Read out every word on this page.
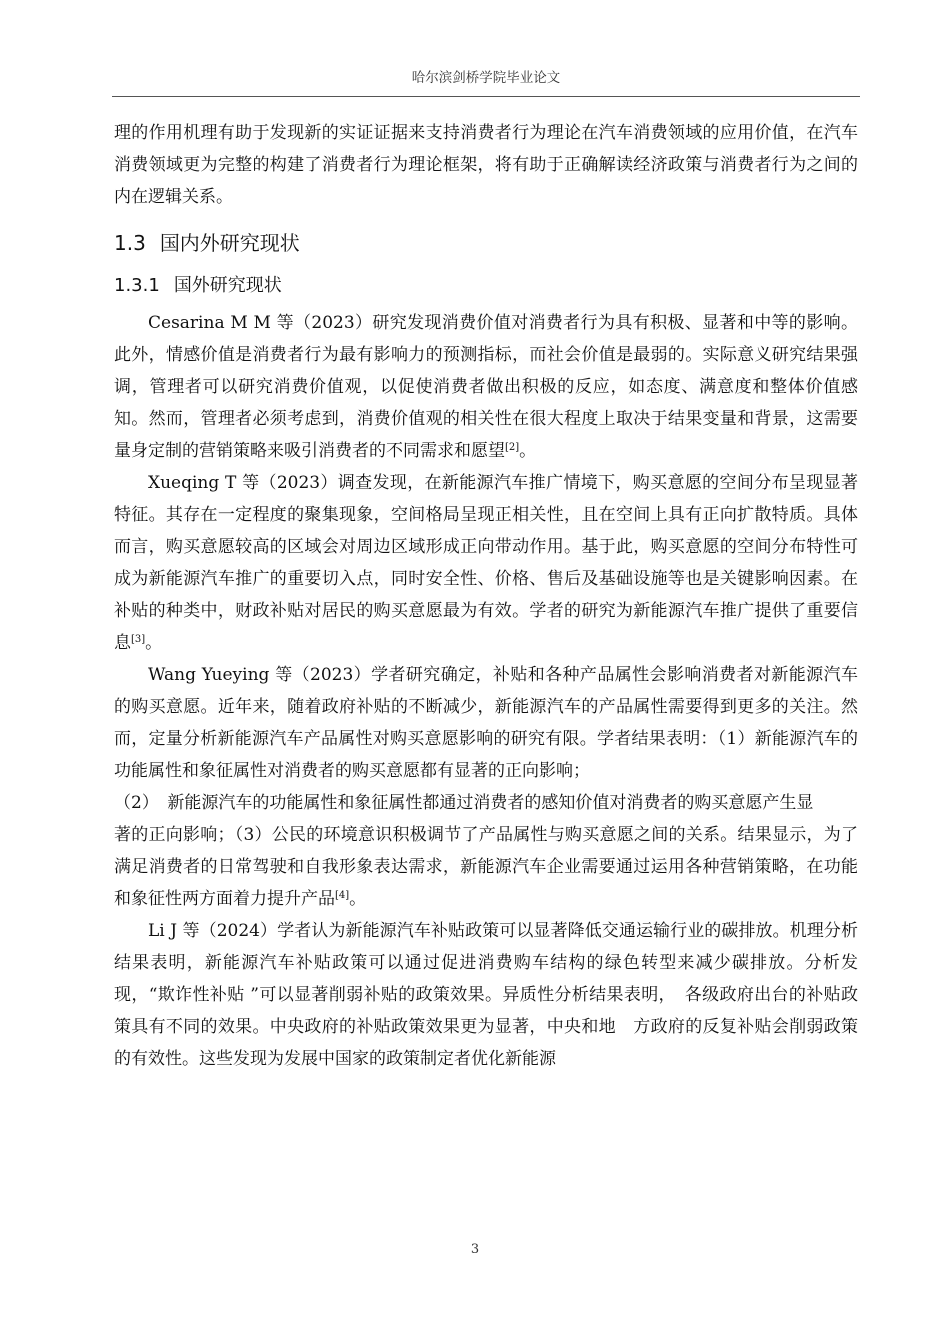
哈尔滨剑桥学院毕业论文

理的作用机理有助于发现新的实证证据来支持消费者行为理论在汽车消费领域的应用价值，在汽车消费领域更为完整的构建了消费者行为理论框架，将有助于正确解读经济政策与消费者行为之间的内在逻辑关系。

1.3 国内外研究现状
1.3.1 国外研究现状

Cesarina M M 等（2023）研究发现消费价值对消费者行为具有积极、显著和中等的影响。此外，情感价值是消费者行为最有影响力的预测指标，而社会价值是最弱的。实际意义研究结果强调，管理者可以研究消费价值观，以促使消费者做出积极的反应，如态度、满意度和整体价值感知。然而，管理者必须考虑到，消费价值观的相关性在很大程度上取决于结果变量和背景，这需要量身定制的营销策略来吸引消费者的不同需求和愿望[2]。

Xueqing T 等（2023）调查发现，在新能源汽车推广情境下，购买意愿的空间分布呈现显著特征。其存在一定程度的聚集现象，空间格局呈现正相关性，且在空间上具有正向扩散特质。具体而言，购买意愿较高的区域会对周边区域形成正向带动作用。基于此，购买意愿的空间分布特性可成为新能源汽车推广的重要切入点，同时安全性、价格、售后及基础设施等也是关键影响因素。在补贴的种类中，财政补贴对居民的购买意愿最为有效。学者的研究为新能源汽车推广提供了重要信息[3]。

Wang Yueying 等（2023）学者研究确定，补贴和各种产品属性会影响消费者对新能源汽车的购买意愿。近年来，随着政府补贴的不断减少，新能源汽车的产品属性需要得到更多的关注。然而，定量分析新能源汽车产品属性对购买意愿影响的研究有限。学者结果表明：（1）新能源汽车的功能属性和象征属性对消费者的购买意愿都有显著的正向影响；

（2）　新能源汽车的功能属性和象征属性都通过消费者的感知价值对消费者的购买意愿产生显

著的正向影响；（3）公民的环境意识积极调节了产品属性与购买意愿之间的关系。结果显示，为了满足消费者的日常驾驶和自我形象表达需求，新能源汽车企业需要通过运用各种营销策略，在功能和象征性两方面着力提升产品[4]。

Li J 等（2024）学者认为新能源汽车补贴政策可以显著降低交通运输行业的碳排放。机理分析结果表明，新能源汽车补贴政策可以通过促进消费购车结构的绿色转型来减少碳排放。分析发现，“欺诈性补贴 ”可以显著削弱补贴的政策效果。异质性分析结果表明，　各级政府出台的补贴政策具有不同的效果。中央政府的补贴政策效果更为显著，中央和地　方政府的反复补贴会削弱政策的有效性。这些发现为发展中国家的政策制定者优化新能源

3
